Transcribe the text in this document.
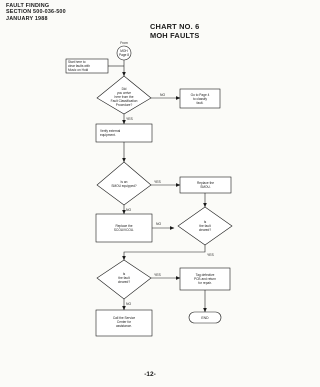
FAULT FINDING
SECTION 500-036-500
JANUARY 1988
CHART NO. 6
MOH FAULTS
From
MOH
Page 8
Start here to
clear faults with
Music on Hold
Did
you arrive
here from the
Fault Classification
Procedure?
NO
YES
Go to Page 4
to classify
fault.
Verify external
equipment.
Is an
SMOU equipped?
YES
NO
Replace the
SMOU.
Replace the
SCOU/VCOU.
NO	Is
the fault
cleared?
YES
Is
the fault
cleared?
YES
NO
Tag defective
PCB and return
for repair.
END
Call the Service
Center for
assistance.
-12-
